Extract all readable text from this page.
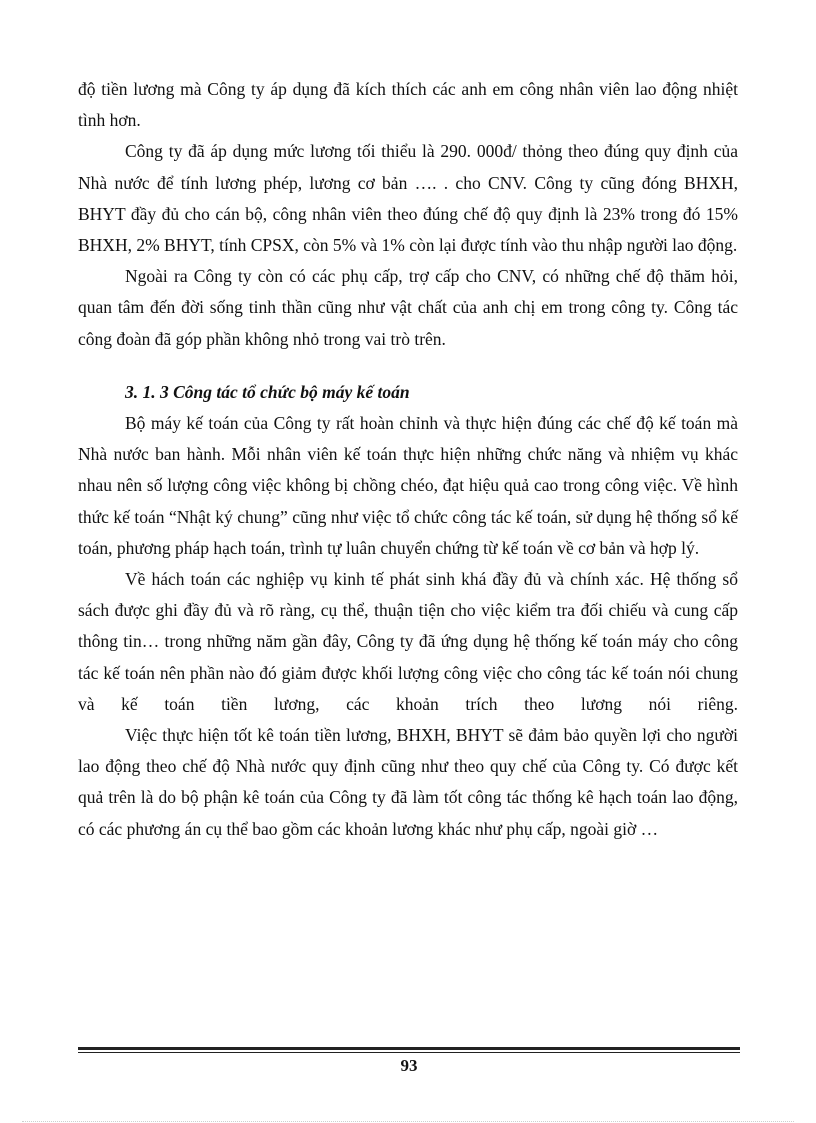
độ tiền lương mà Công ty áp dụng đã kích thích các anh em công nhân viên lao động nhiệt tình hơn.

Công ty đã áp dụng mức lương tối thiểu là 290. 000đ/ thỏng theo đúng quy định của Nhà nước để tính lương phép, lương cơ bản …. . cho CNV. Công ty cũng đóng BHXH, BHYT đầy đủ cho cán bộ, công nhân viên theo đúng chế độ quy định là 23% trong đó 15% BHXH, 2% BHYT, tính CPSX, còn 5% và 1% còn lại được tính vào thu nhập người lao động.

Ngoài ra Công ty còn có các phụ cấp, trợ cấp cho CNV, có những chế độ thăm hỏi, quan tâm đến đời sống tinh thần cũng như vật chất của anh chị em trong công ty. Công tác công đoàn đã góp phần không nhỏ trong vai trò trên.

3. 1. 3 Công tác tổ chức bộ máy kế toán

Bộ máy kế toán của Công ty rất hoàn chỉnh và thực hiện đúng các chế độ kế toán mà Nhà nước ban hành. Mỗi nhân viên kế toán thực hiện những chức năng và nhiệm vụ khác nhau nên số lượng công việc không bị chồng chéo, đạt hiệu quả cao trong công việc. Về hình thức kế toán “Nhật ký chung” cũng như việc tổ chức công tác kế toán, sử dụng hệ thống sổ kế toán, phương pháp hạch toán, trình tự luân chuyển chứng từ kế toán về cơ bản và hợp lý.

Về hách toán các nghiệp vụ kinh tế phát sinh khá đầy đủ và chính xác. Hệ thống sổ sách được ghi đầy đủ và rõ ràng, cụ thể, thuận tiện cho việc kiểm tra đối chiếu và cung cấp thông tin… trong những năm gần đây, Công ty đã ứng dụng hệ thống kế toán máy cho công tác kế toán nên phần nào đó giảm được khối lượng công việc cho công tác kế toán nói chung và kế toán tiền lương, các khoản trích theo lương nói riêng.

Việc thực hiện tốt kê toán tiền lương, BHXH, BHYT sẽ đảm bảo quyền lợi cho người lao động theo chế độ Nhà nước quy định cũng như theo quy chế của Công ty. Có được kết quả trên là do bộ phận kê toán của Công ty đã làm tốt công tác thống kê hạch toán lao động, có các phương án cụ thể bao gồm các khoản lương khác như phụ cấp, ngoài giờ …

93
